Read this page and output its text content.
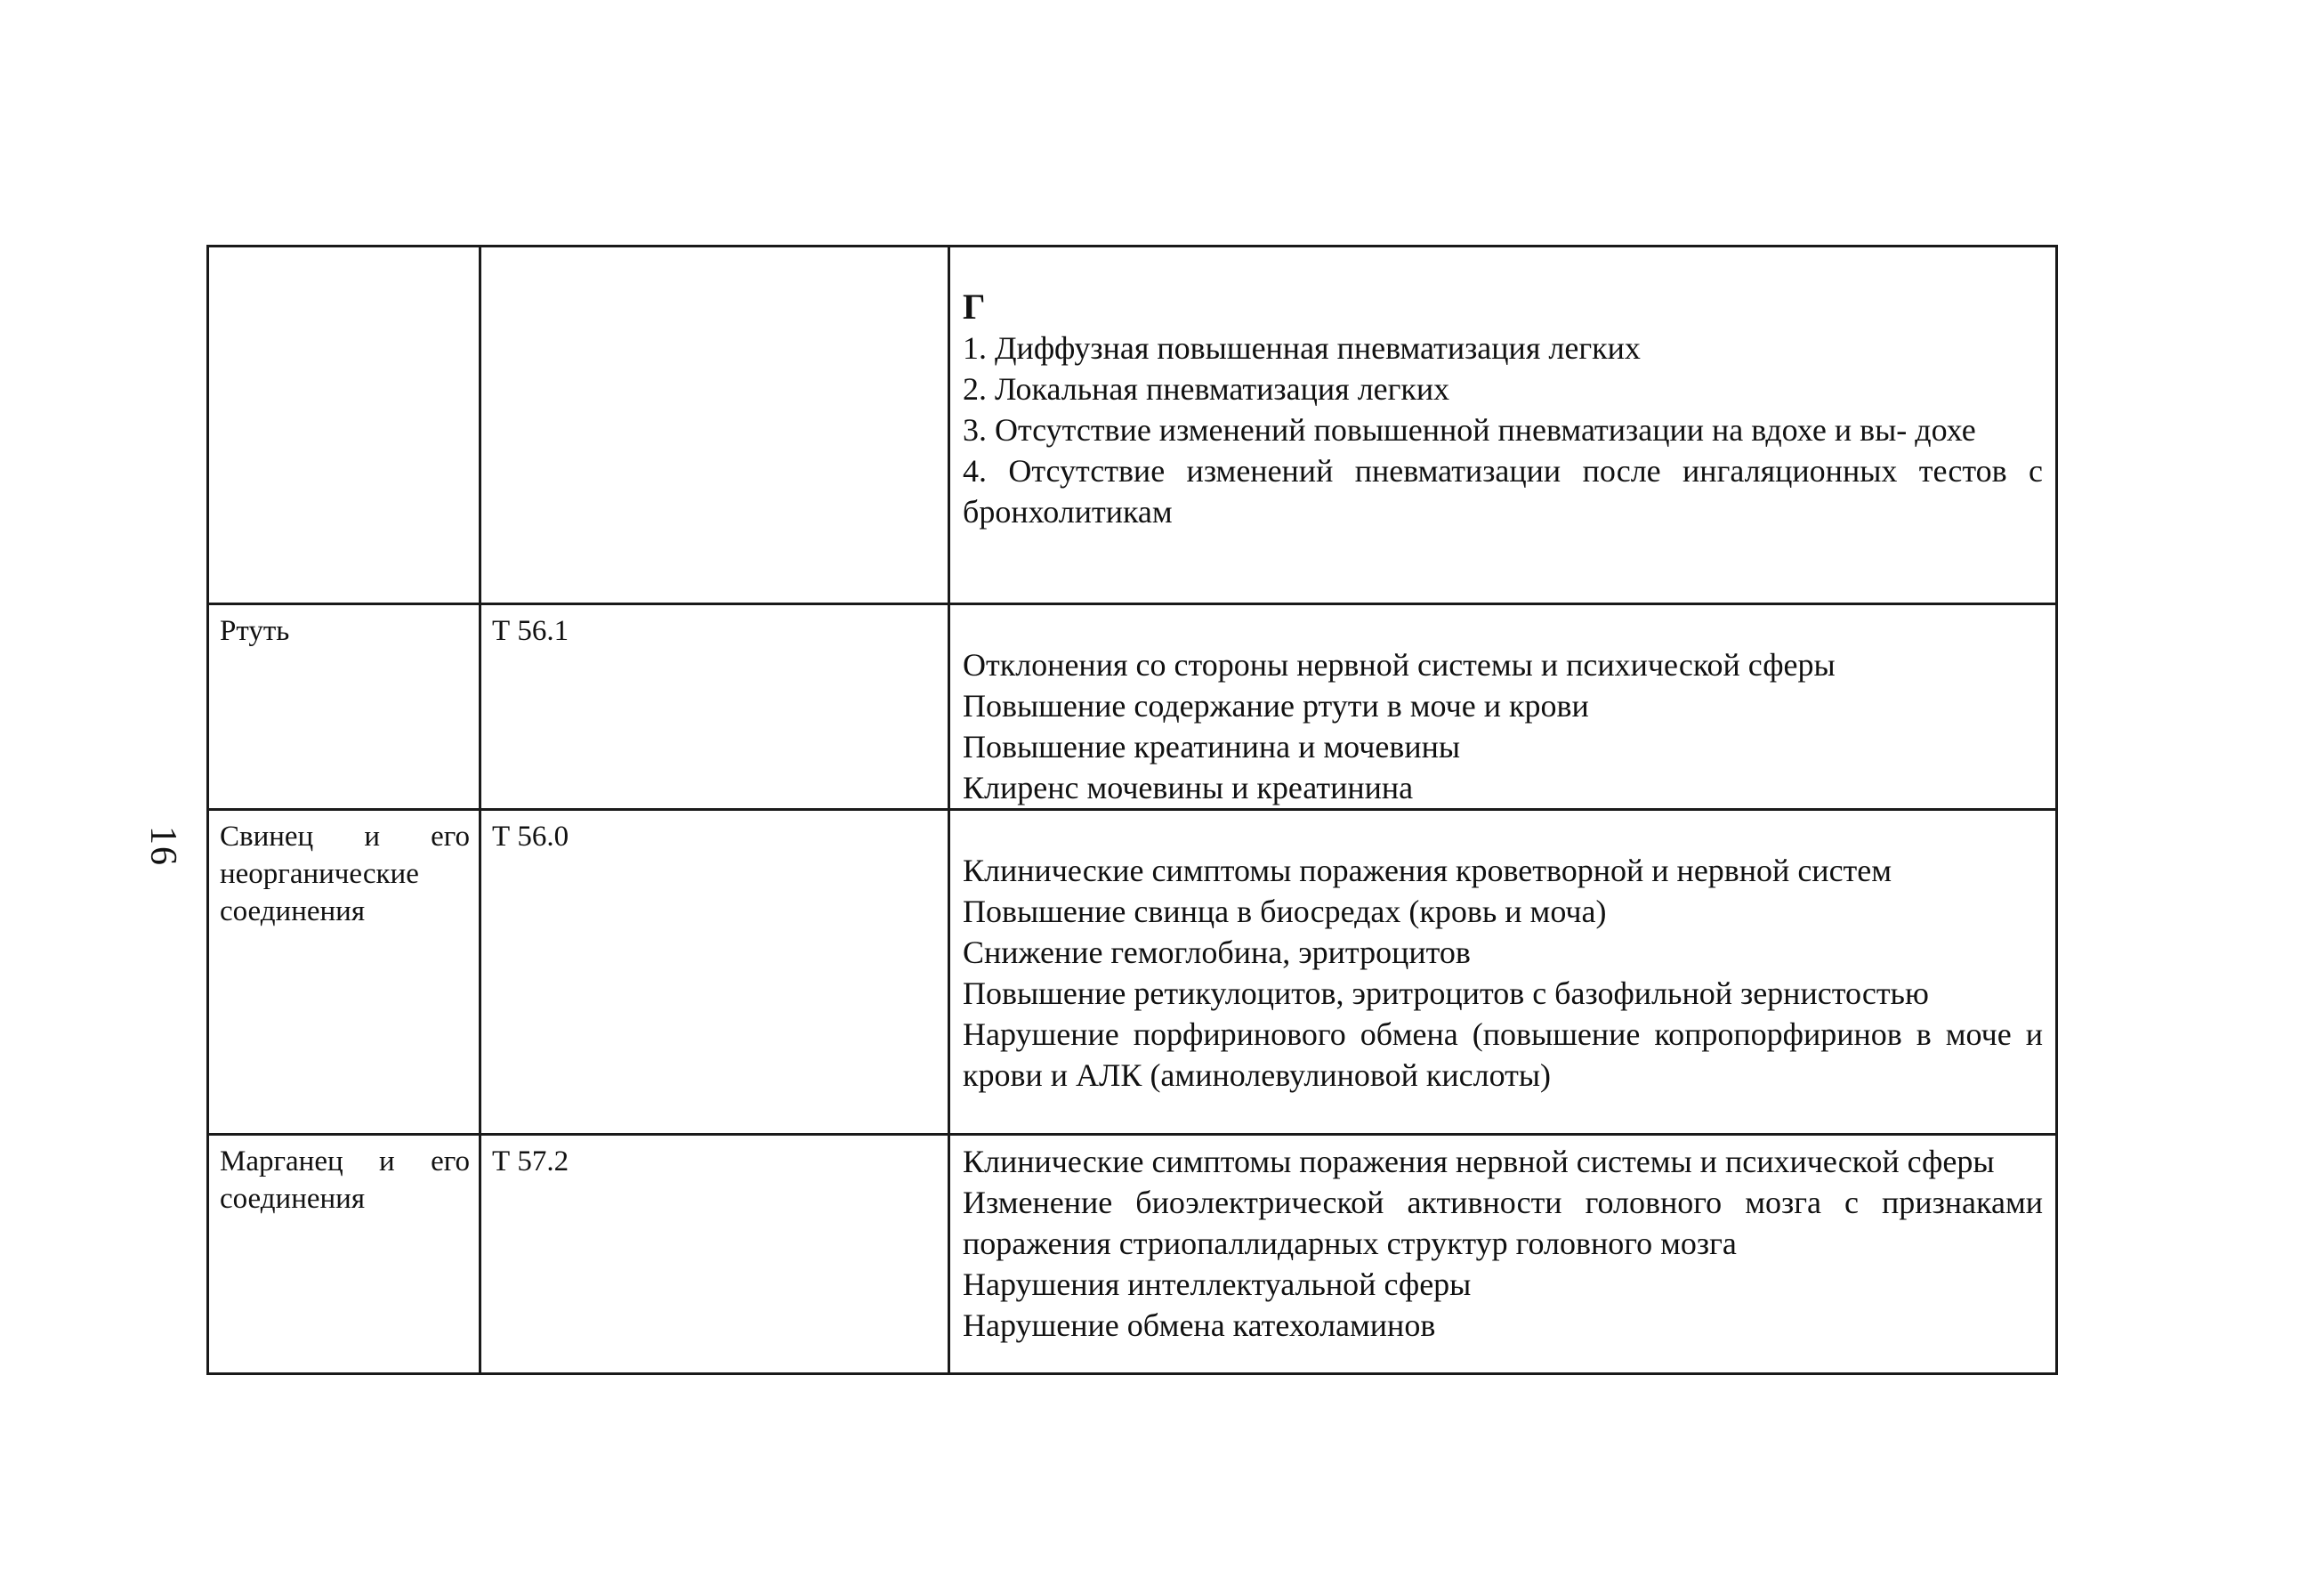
16

		Г
1. Диффузная повышенная пневматизация легких
2. Локальная пневматизация легких
3. Отсутствие изменений повышенной пневматизации на вдохе и вы- дохе
4. Отсутствие изменений пневматизации после ингаляционных тестов с бронхолитикам

Ртуть	Т 56.1	Отклонения со стороны нервной системы и психической сферы
Повышение содержание ртути в моче и крови
Повышение креатинина и мочевины
Клиренс мочевины и креатинина

Свинец и его неорганические соединения	Т 56.0	Клинические симптомы поражения кроветворной и нервной систем
Повышение свинца в биосредах (кровь и моча)
Снижение гемоглобина, эритроцитов
Повышение ретикулоцитов, эритроцитов с базофильной зернистостью
Нарушение порфиринового обмена (повышение копропорфиринов в моче и крови и АЛК (аминолевулиновой кислоты)

Марганец и его соединения	Т 57.2	Клинические симптомы поражения нервной системы и психической сферы
Изменение биоэлектрической активности головного мозга с признаками поражения стриопаллидарных структур головного мозга
Нарушения интеллектуальной сферы
Нарушение обмена катехоламинов
